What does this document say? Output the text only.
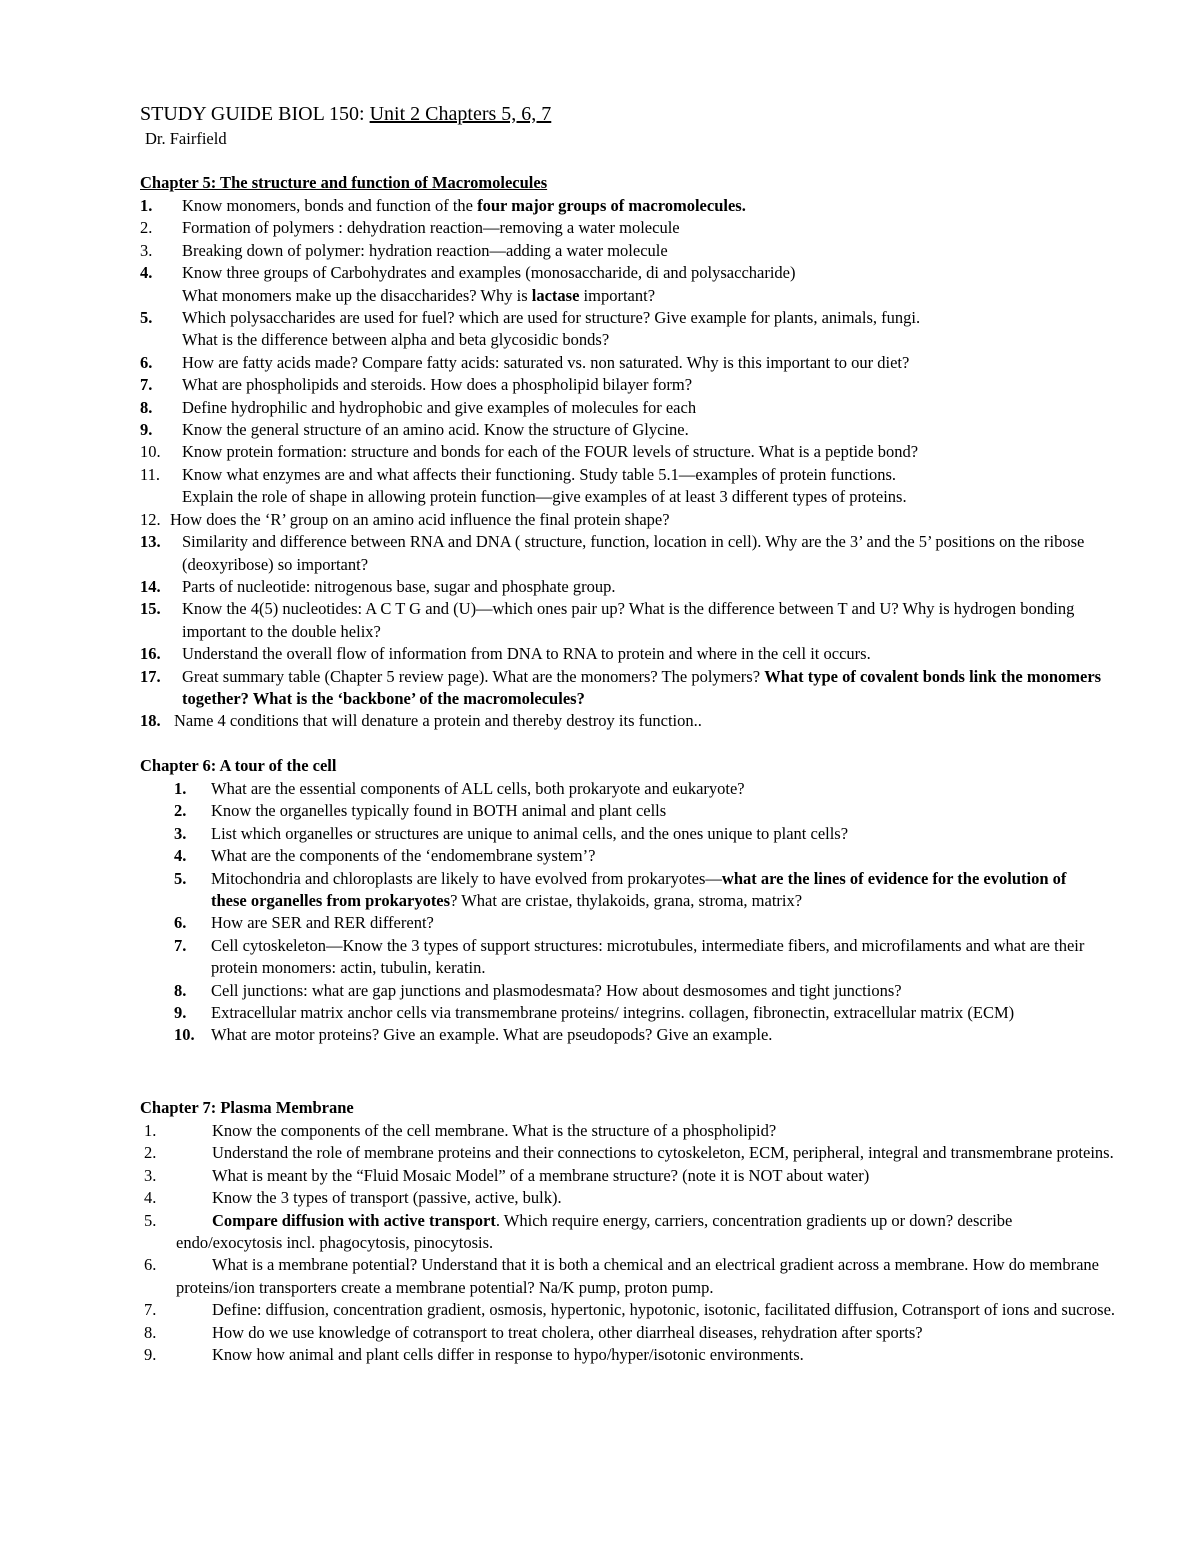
STUDY GUIDE BIOL 150: Unit 2 Chapters 5, 6, 7
Dr. Fairfield
Chapter 5: The structure and function of Macromolecules
1.	Know monomers, bonds and function of the four major groups of macromolecules.
2.	Formation of polymers : dehydration reaction—removing a water molecule
3.	Breaking down of polymer: hydration reaction—adding a water molecule
4.	Know three groups of Carbohydrates and examples (monosaccharide, di and polysaccharide)
What monomers make up the disaccharides? Why is lactase important?
5.	Which polysaccharides are used for fuel? which are used for structure? Give example for plants, animals, fungi.
What is the difference between alpha and beta glycosidic bonds?
6.	How are fatty acids made? Compare fatty acids: saturated vs. non saturated. Why is this important to our diet?
7.	What are phospholipids and steroids. How does a phospholipid bilayer form?
8.	Define hydrophilic and hydrophobic and give examples of molecules for each
9.	Know the general structure of an amino acid. Know the structure of Glycine.
10.	Know protein formation: structure and bonds for each of the FOUR levels of structure. What is a peptide bond?
11.	Know what enzymes are and what affects their functioning. Study table 5.1—examples of protein functions.
Explain the role of shape in allowing protein function—give examples of at least 3 different types of proteins.
12. How does the ‘R’ group on an amino acid influence the final protein shape?
13.	Similarity and difference between RNA and DNA ( structure, function, location in cell). Why are the 3’ and the 5’ positions on the ribose (deoxyribose) so important?
14.	Parts of nucleotide: nitrogenous base, sugar and phosphate group.
15.	Know the 4(5) nucleotides: A C T G and (U)—which ones pair up? What is the difference between T and U? Why is hydrogen bonding important to the double helix?
16.	Understand the overall flow of information from DNA to RNA to protein and where in the cell it occurs.
17.	Great summary table (Chapter 5 review page). What are the monomers? The polymers? What type of covalent bonds link the monomers together? What is the ‘backbone’ of the macromolecules?
18. Name 4 conditions that will denature a protein and thereby destroy its function..
Chapter 6: A tour of the cell
1.	What are the essential components of ALL cells, both prokaryote and eukaryote?
2.	Know the organelles typically found in BOTH animal and plant cells
3.	List which organelles or structures are unique to animal cells, and the ones unique to plant cells?
4.	What are the components of the ‘endomembrane system’?
5.	Mitochondria and chloroplasts are likely to have evolved from prokaryotes—what are the lines of evidence for the evolution of these organelles from prokaryotes? What are cristae, thylakoids, grana, stroma, matrix?
6.	How are SER and RER different?
7.	Cell cytoskeleton—Know the 3 types of support structures: microtubules, intermediate fibers, and microfilaments and what are their protein monomers: actin, tubulin, keratin.
8.	Cell junctions: what are gap junctions and plasmodesmata? How about desmosomes and tight junctions?
9.	Extracellular matrix anchor cells via transmembrane proteins/ integrins. collagen, fibronectin, extracellular matrix (ECM)
10. What are motor proteins? Give an example. What are pseudopods? Give an example.
Chapter 7: Plasma Membrane
1.	Know the components of the cell membrane. What is the structure of a phospholipid?
2.	Understand the role of membrane proteins and their connections to cytoskeleton, ECM, peripheral, integral and transmembrane proteins.
3.	What is meant by the “Fluid Mosaic Model” of a membrane structure? (note it is NOT about water)
4.	Know the 3 types of transport (passive, active, bulk).
5.	Compare diffusion with active transport. Which require energy, carriers, concentration gradients up or down? describe endo/exocytosis incl. phagocytosis, pinocytosis.
6.	What is a membrane potential? Understand that it is both a chemical and an electrical gradient across a membrane. How do membrane proteins/ion transporters create a membrane potential? Na/K pump, proton pump.
7.	Define: diffusion, concentration gradient, osmosis, hypertonic, hypotonic, isotonic, facilitated diffusion, Cotransport of ions and sucrose.
8.	How do we use knowledge of cotransport to treat cholera, other diarrheal diseases, rehydration after sports?
9.	Know how animal and plant cells differ in response to hypo/hyper/isotonic environments.
